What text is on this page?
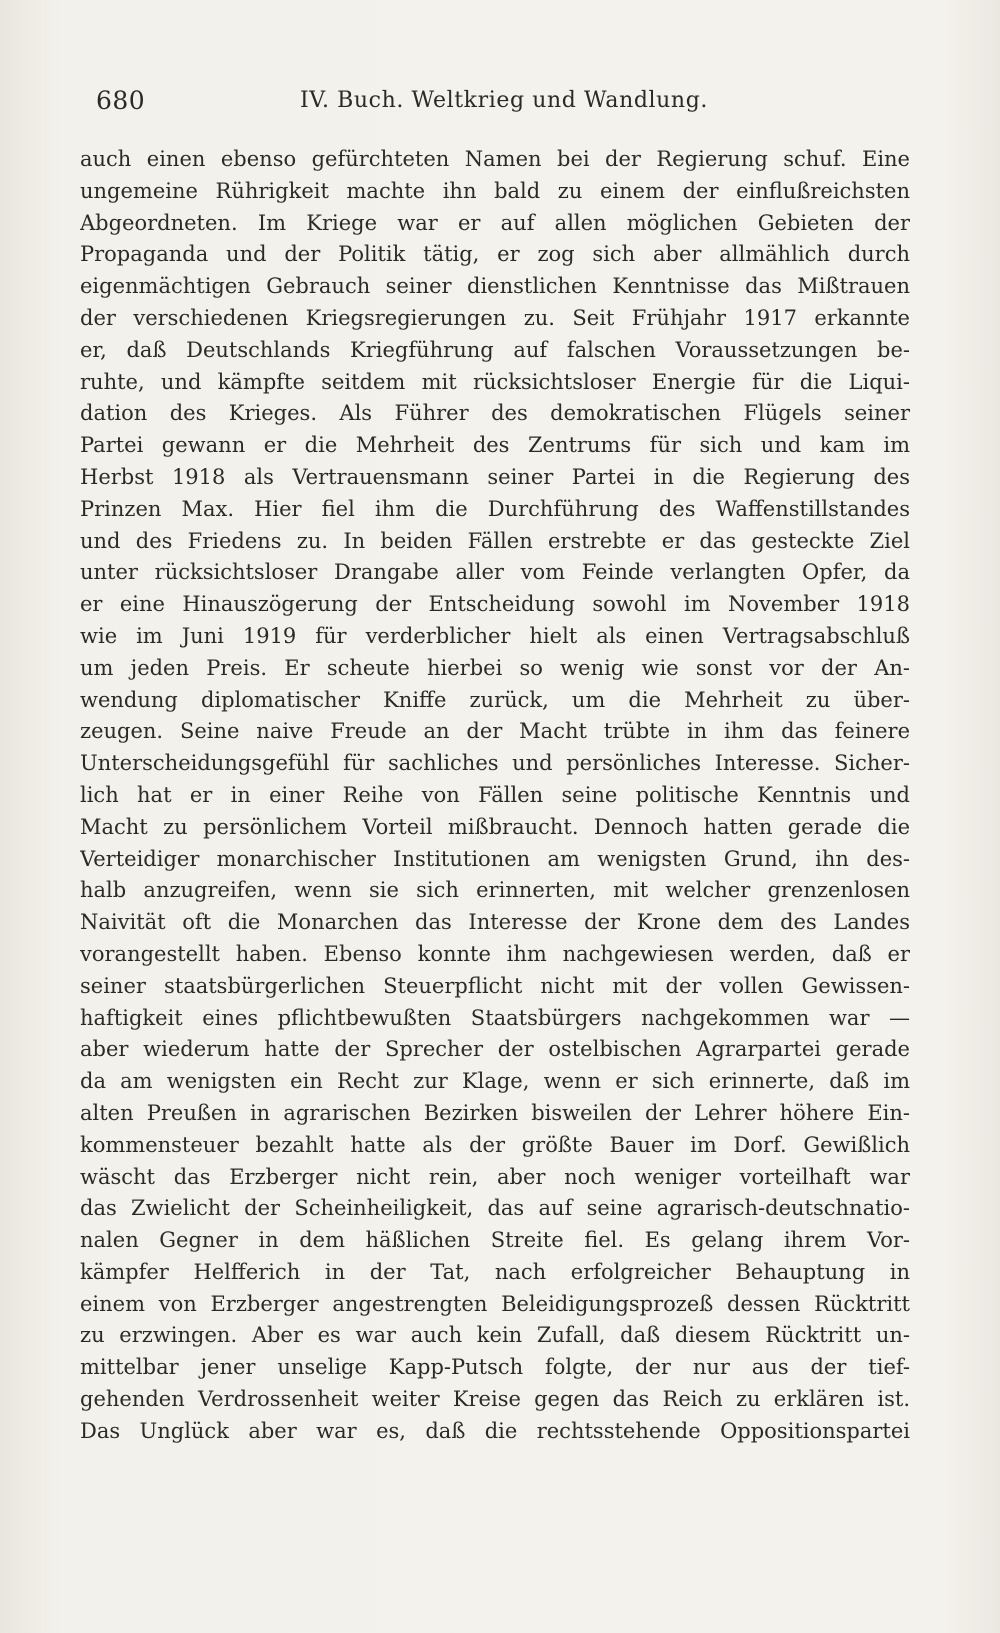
680	IV. Buch. Weltkrieg und Wandlung.
auch einen ebenso gefürchteten Namen bei der Regierung schuf. Eine
ungemeine Rührigkeit machte ihn bald zu einem der einflußreichsten
Abgeordneten. Im Kriege war er auf allen möglichen Gebieten der
Propaganda und der Politik tätig, er zog sich aber allmählich durch
eigenmächtigen Gebrauch seiner dienstlichen Kenntnisse das Mißtrauen
der verschiedenen Kriegsregierungen zu. Seit Frühjahr 1917 erkannte
er, daß Deutschlands Kriegführung auf falschen Voraussetzungen be-
ruhte, und kämpfte seitdem mit rücksichtsloser Energie für die Liqui-
dation des Krieges. Als Führer des demokratischen Flügels seiner
Partei gewann er die Mehrheit des Zentrums für sich und kam im
Herbst 1918 als Vertrauensmann seiner Partei in die Regierung des
Prinzen Max. Hier fiel ihm die Durchführung des Waffenstillstandes
und des Friedens zu. In beiden Fällen erstrebte er das gesteckte Ziel
unter rücksichtsloser Drangabe aller vom Feinde verlangten Opfer, da
er eine Hinauszögerung der Entscheidung sowohl im November 1918
wie im Juni 1919 für verderblicher hielt als einen Vertragsabschluß
um jeden Preis. Er scheute hierbei so wenig wie sonst vor der An-
wendung diplomatischer Kniffe zurück, um die Mehrheit zu über-
zeugen. Seine naive Freude an der Macht trübte in ihm das feinere
Unterscheidungsgefühl für sachliches und persönliches Interesse. Sicher-
lich hat er in einer Reihe von Fällen seine politische Kenntnis und
Macht zu persönlichem Vorteil mißbraucht. Dennoch hatten gerade die
Verteidiger monarchischer Institutionen am wenigsten Grund, ihn des-
halb anzugreifen, wenn sie sich erinnerten, mit welcher grenzenlosen
Naivität oft die Monarchen das Interesse der Krone dem des Landes
vorangestellt haben. Ebenso konnte ihm nachgewiesen werden, daß er
seiner staatsbürgerlichen Steuerpflicht nicht mit der vollen Gewissen-
haftigkeit eines pflichtbewußten Staatsbürgers nachgekommen war —
aber wiederum hatte der Sprecher der ostelbischen Agrarpartei gerade
da am wenigsten ein Recht zur Klage, wenn er sich erinnerte, daß im
alten Preußen in agrarischen Bezirken bisweilen der Lehrer höhere Ein-
kommensteuer bezahlt hatte als der größte Bauer im Dorf. Gewißlich
wäscht das Erzberger nicht rein, aber noch weniger vorteilhaft war
das Zwielicht der Scheinheiligkeit, das auf seine agrarisch-deutschnatio-
nalen Gegner in dem häßlichen Streite fiel. Es gelang ihrem Vor-
kämpfer Helfferich in der Tat, nach erfolgreicher Behauptung in
einem von Erzberger angestrengten Beleidigungsprozeß dessen Rücktritt
zu erzwingen. Aber es war auch kein Zufall, daß diesem Rücktritt un-
mittelbar jener unselige Kapp-Putsch folgte, der nur aus der tief-
gehenden Verdrossenheit weiter Kreise gegen das Reich zu erklären ist.
Das Unglück aber war es, daß die rechtsstehende Oppositionspartei
